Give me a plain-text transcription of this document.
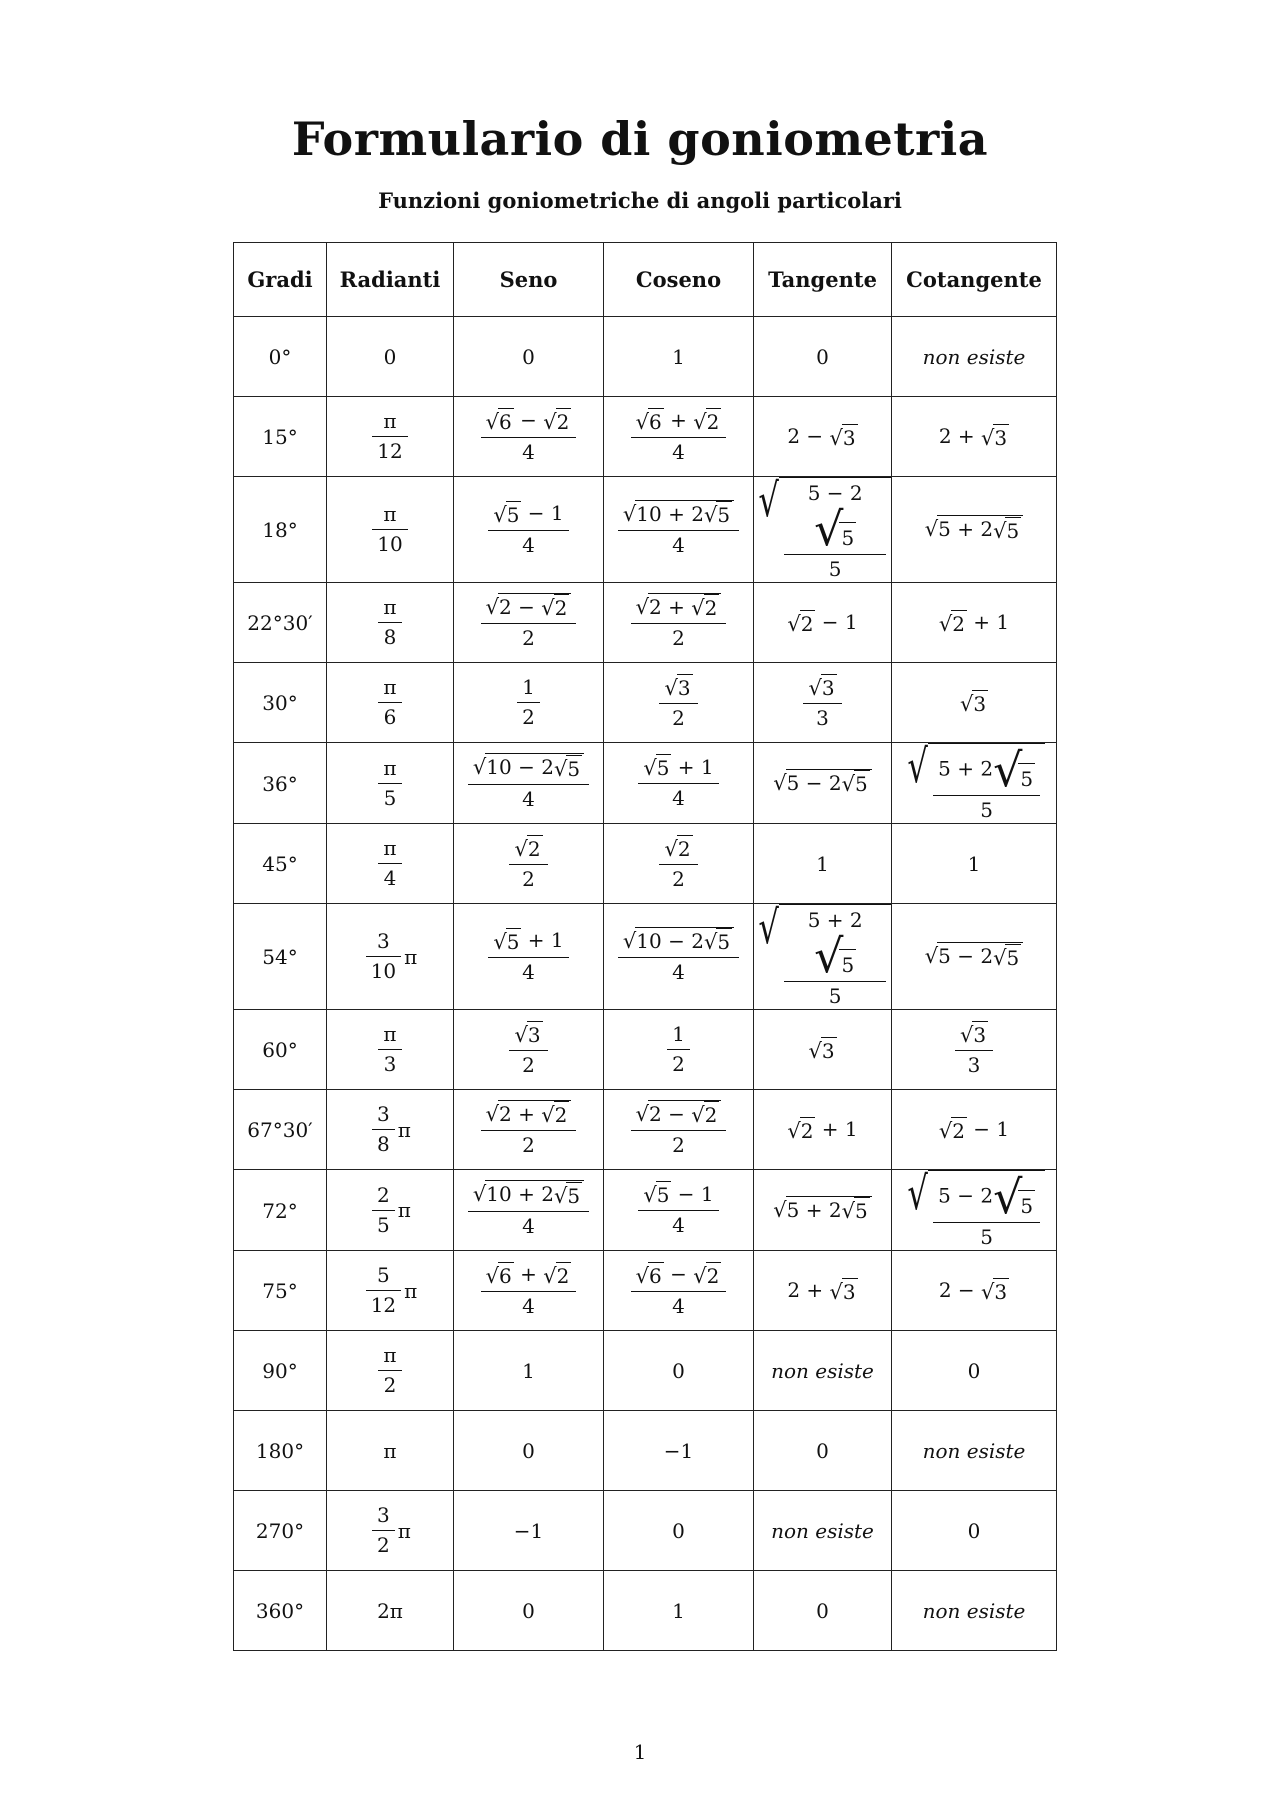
Formulario di goniometria
Funzioni goniometriche di angoli particolari
Gradi	Radianti	Seno	Coseno	Tangente	Cotangente
0°	0	0	1	0	non esiste
15°	$\frac{\pi}{12}$	$\frac{√6 - √2}{4}$	$\frac{√6 + √2}{4}$	2 − √3	2 + √3
18°	$\frac{\pi}{10}$	$\frac{√5 - 1}{4}$	$\frac{√10 + 2√5}{4}$	√ $\frac{5 - 2√5}{5}$	√5 + 2√5
22°30′	$\frac{\pi}{8}$	$\frac{√2 - √2}{2}$	$\frac{√2 + √2}{2}$	√2 − 1	√2 + 1
30°	$\frac{\pi}{6}$	$\frac{1}{2}$	$\frac{√3}{2}$	$\frac{√3}{3}$	√3
36°	$\frac{\pi}{5}$	$\frac{√10 - 2√5}{4}$	$\frac{√5 + 1}{4}$	√5 − 2√5	√ $\frac{5 + 2√5}{5}$

45°	$\frac{\pi}{4}$	$\frac{√2}{2}$	$\frac{√2}{2}$	1	1
54°	$\frac{3}{10}$ π	$\frac{√5 + 1}{4}$	$\frac{√10 - 2√5}{4}$	√ $\frac{5 + 2√5}{5}$	√5 − 2√5
60°	$\frac{\pi}{3}$	$\frac{√3}{2}$	$\frac{1}{2}$	√3	$\frac{√3}{3}$

67°30′	$\frac{3}{8}$ π	$\frac{√2 + √2}{2}$	$\frac{√2 - √2}{2}$	√2 + 1	√2 − 1
72°	$\frac{2}{5}$ π	$\frac{√10 + 2√5}{4}$	$\frac{√5 - 1}{4}$	√5 + 2√5	√ $\frac{5 - 2√5}{5}$

75°	$\frac{5}{12}$ π	$\frac{√6 + √2}{4}$	$\frac{√6 - √2}{4}$	2 + √3	2 − √3
90°	$\frac{\pi}{2}$	1	0	non esiste	0
180°	π	0	−1	0	non esiste
270°	$\frac{3}{2}$ π	−1	0	non esiste	0
360°	2π	0	1	0	non esiste
1
